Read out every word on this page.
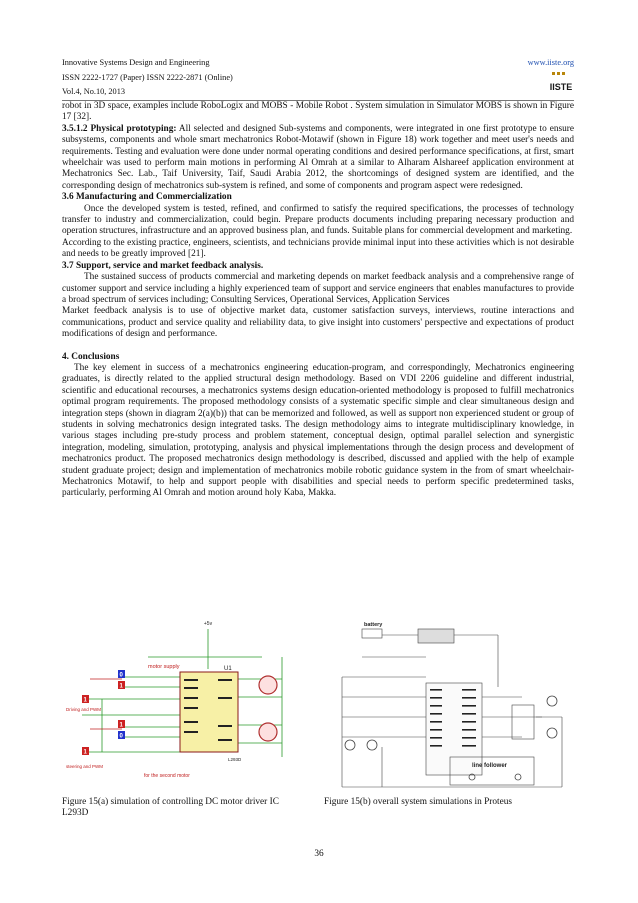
Innovative Systems Design and Engineering
ISSN 2222-1727 (Paper) ISSN 2222-2871 (Online)
Vol.4, No.10, 2013
www.iiste.org
IISTE

robot in 3D space, examples include RoboLogix and MOBS - Mobile Robot . System simulation in Simulator MOBS is shown in Figure 17 [32].

3.5.1.2 Physical prototyping: All selected and designed Sub-systems and components, were integrated in one first prototype to ensure subsystems, components and whole smart mechatronics Robot-Motawif (shown in Figure 18) work together and meet user's needs and requirements. Testing and evaluation were done under normal operating conditions and desired performance specifications, at first, smart wheelchair was used to perform main motions in performing Al Omrah at a similar to Alharam Alshareef application environment at Mechatronics Sec. Lab., Taif University, Taif, Saudi Arabia 2012, the shortcomings of designed system are identified, and the corresponding design of mechatronics sub-system is refined, and some of components and program aspect were redesigned.

3.6 Manufacturing and Commercialization

Once the developed system is tested, refined, and confirmed to satisfy the required specifications, the processes of technology transfer to industry and commercialization, could begin. Prepare products documents including preparing necessary production and operation structures, infrastructure and an approved business plan, and funds. Suitable plans for commercial development and marketing.

According to the existing practice, engineers, scientists, and technicians provide minimal input into these activities which is not desirable and needs to be greatly improved [21].

3.7 Support, service and market feedback analysis.

The sustained success of products commercial and marketing depends on market feedback analysis and a comprehensive range of customer support and service including a highly experienced team of support and service engineers that enables manufactures to provide a broad spectrum of services including; Consulting Services, Operational Services, Application Services

Market feedback analysis is to use of objective market data, customer satisfaction surveys, interviews, routine interactions and communications, product and service quality and reliability data, to give insight into customers' perspective and expectations of product modifications of design and performance.

4. Conclusions

The key element in success of a mechatronics engineering education-program, and correspondingly, Mechatronics engineering graduates, is directly related to the applied structural design methodology. Based on VDI 2206 guideline and different industrial, scientific and educational recourses, a mechatronics systems design education-oriented methodology is proposed to fulfill mechatronics optimal program requirements. The proposed methodology consists of a systematic specific simple and clear simultaneous design and integration steps (shown in diagram 2(a)(b)) that can be memorized and followed, as well as support non experienced student or group of students in solving mechatronics design integrated tasks. The design methodology aims to integrate multidisciplinary knowledge, in various stages including pre-study process and problem statement, conceptual design, optimal parallel selection and synergistic integration, modeling, simulation, prototyping, analysis and physical implementations through the design process and development of mechatronics product. The proposed mechatronics design methodology is described, discussed and applied with the help of example student graduate project; design and implementation of mechatronics mobile robotic guidance system in the from of smart wheelchair- Mechatronics Motawif, to help and support people with disabilities and special needs to perform specific predetermined tasks, particularly, performing Al Omrah and motion around holy Kaba, Makka.

+5v
motor supply	U1
L293D
0
1
1
1
0
1
Driving and PWM
steering and PWM
for the second motor
battery
line follower
Figure 15(a) simulation of controlling DC motor driver IC L293D
Figure 15(b) overall system simulations in Proteus
36
